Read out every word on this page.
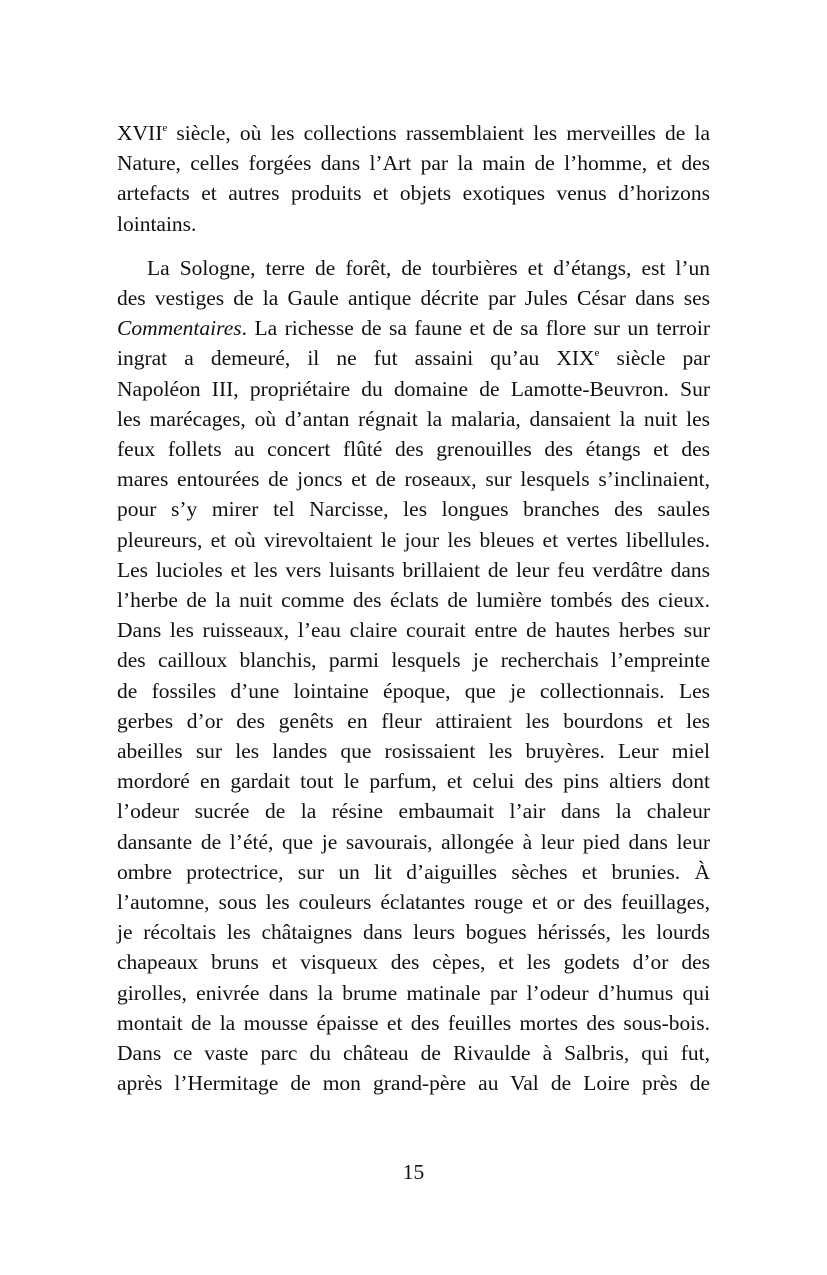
XVIIe siècle, où les collections rassemblaient les merveilles de la
Nature, celles forgées dans l’Art par la main de l’homme, et des
artefacts et autres produits et objets exotiques venus d’horizons
lointains.
La Sologne, terre de forêt, de tourbières et d’étangs, est l’un
des vestiges de la Gaule antique décrite par Jules César dans ses
Commentaires. La richesse de sa faune et de sa flore sur un terroir
ingrat a demeuré, il ne fut assaini qu’au XIXe siècle par
Napoléon III, propriétaire du domaine de Lamotte-Beuvron. Sur
les marécages, où d’antan régnait la malaria, dansaient la nuit les
feux follets au concert flûté des grenouilles des étangs et des
mares entourées de joncs et de roseaux, sur lesquels s’inclinaient,
pour s’y mirer tel Narcisse, les longues branches des saules
pleureurs, et où virevoltaient le jour les bleues et vertes libellules.
Les lucioles et les vers luisants brillaient de leur feu verdâtre dans
l’herbe de la nuit comme des éclats de lumière tombés des cieux.
Dans les ruisseaux, l’eau claire courait entre de hautes herbes sur
des cailloux blanchis, parmi lesquels je recherchais l’empreinte
de fossiles d’une lointaine époque, que je collectionnais. Les
gerbes d’or des genêts en fleur attiraient les bourdons et les
abeilles sur les landes que rosissaient les bruyères. Leur miel
mordoré en gardait tout le parfum, et celui des pins altiers dont
l’odeur sucrée de la résine embaumait l’air dans la chaleur
dansante de l’été, que je savourais, allongée à leur pied dans leur
ombre protectrice, sur un lit d’aiguilles sèches et brunies. À
l’automne, sous les couleurs éclatantes rouge et or des feuillages,
je récoltais les châtaignes dans leurs bogues hérissés, les lourds
chapeaux bruns et visqueux des cèpes, et les godets d’or des
girolles, enivrée dans la brume matinale par l’odeur d’humus qui
montait de la mousse épaisse et des feuilles mortes des sous-bois.
Dans ce vaste parc du château de Rivaulde à Salbris, qui fut,
après l’Hermitage de mon grand-père au Val de Loire près de
15
